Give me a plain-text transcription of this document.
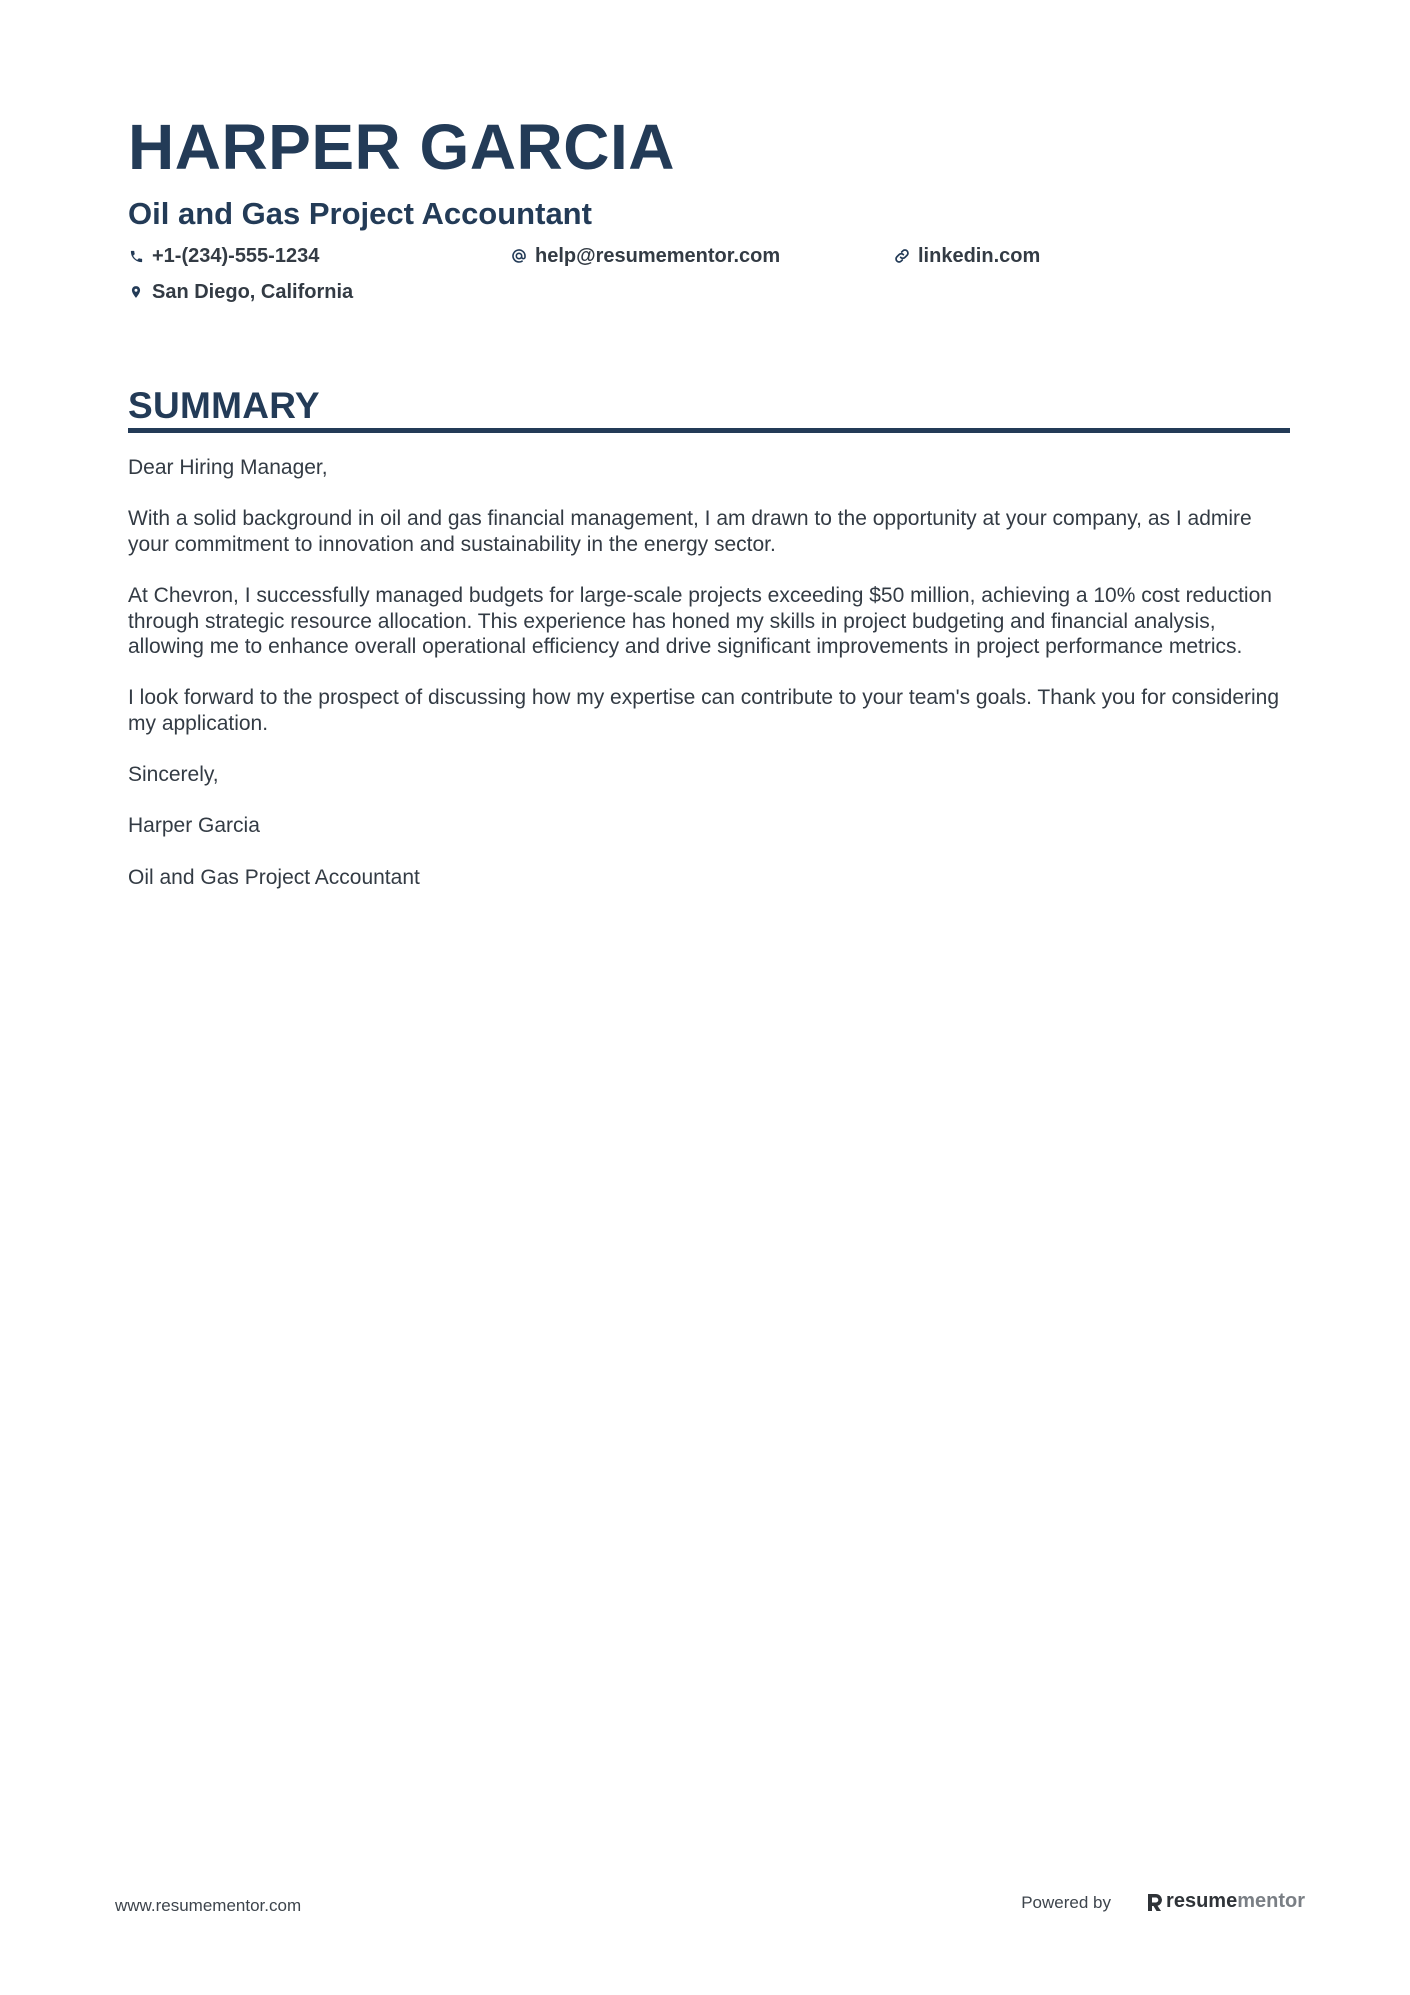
HARPER GARCIA
Oil and Gas Project Accountant
+1-(234)-555-1234	help@resumementor.com	linkedin.com
San Diego, California
SUMMARY

Dear Hiring Manager,

With a solid background in oil and gas financial management, I am drawn to the opportunity at your company, as I admire your commitment to innovation and sustainability in the energy sector.

At Chevron, I successfully managed budgets for large-scale projects exceeding $50 million, achieving a 10% cost reduction through strategic resource allocation. This experience has honed my skills in project budgeting and financial analysis, allowing me to enhance overall operational efficiency and drive significant improvements in project performance metrics.

I look forward to the prospect of discussing how my expertise can contribute to your team's goals. Thank you for considering my application.

Sincerely,

Harper Garcia

Oil and Gas Project Accountant

www.resumementor.com	Powered by	resume mentor
